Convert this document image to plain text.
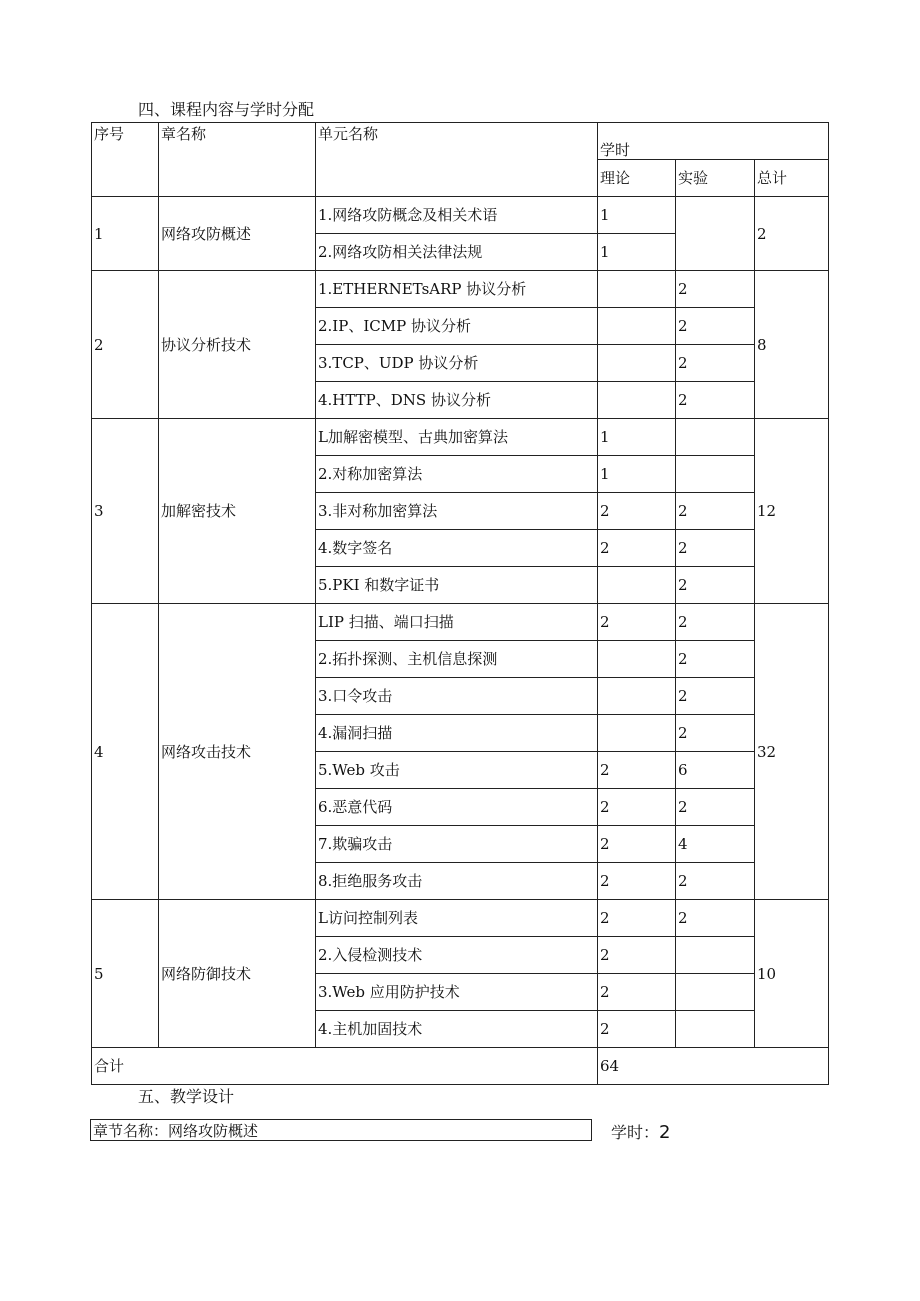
四、课程内容与学时分配
序号	章名称	单元名称	学时		
			理论	实验	总计
1	网络攻防概述	1.网络攻防概念及相关术语	1		2
		2.网络攻防相关法律法规	1		
2	协议分析技术	1.ETHERNETsARP 协议分析		2	8
		2.IP、ICMP 协议分析		2	
		3.TCP、UDP 协议分析		2	
		4.HTTP、DNS 协议分析		2	
3	加解密技术	L加解密模型、古典加密算法	1		12
		2.对称加密算法	1		
		3.非对称加密算法	2	2	
		4.数字签名	2	2	
		5.PKI 和数字证书		2	
4	网络攻击技术	LIP 扫描、端口扫描	2	2	32
		2.拓扑探测、主机信息探测		2	
		3.口令攻击		2	
		4.漏洞扫描		2	
		5.Web 攻击	2	6	
		6.恶意代码	2	2	
		7.欺骗攻击	2	4	
		8.拒绝服务攻击	2	2	
5	网络防御技术	L访问控制列表	2	2	10
		2.入侵检测技术	2		
		3.Web 应用防护技术	2		
		4.主机加固技术	2		
合计			64		
五、教学设计
章节名称：网络攻防概述	学时：2
